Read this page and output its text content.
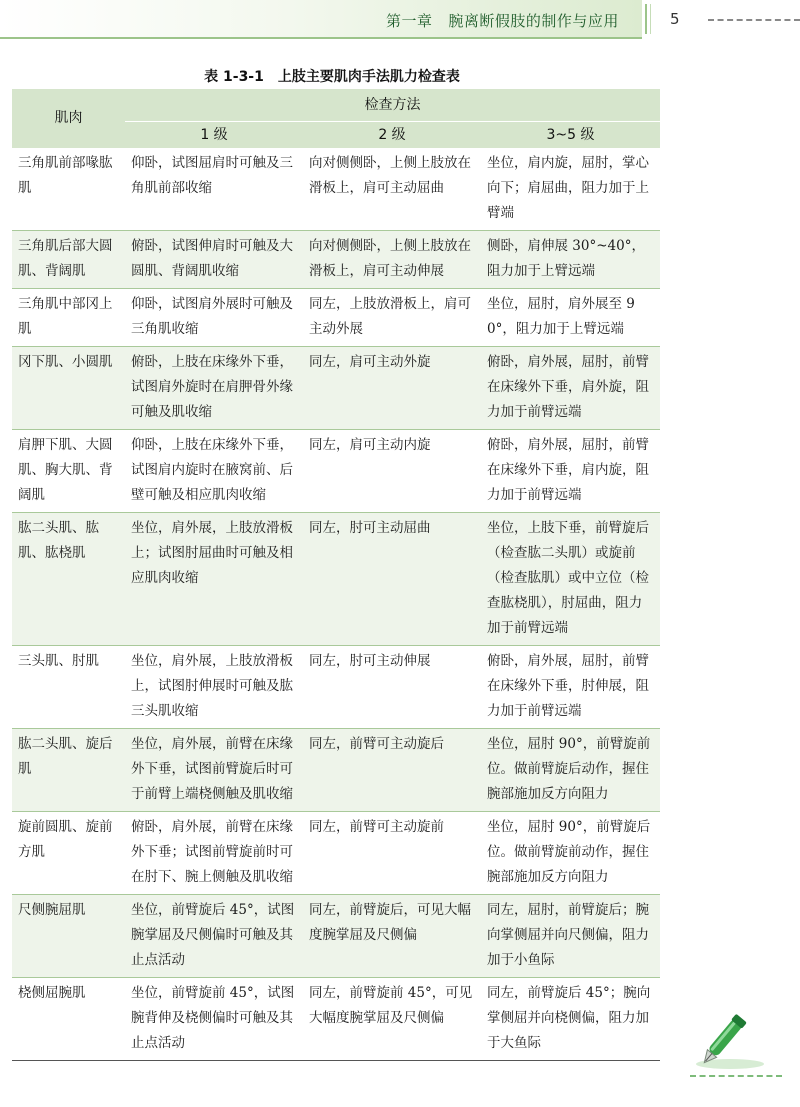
第一章 腕离断假肢的制作与应用	5
表 1-3-1　上肢主要肌肉手法肌力检查表
肌肉	检查方法		
	1 级	2 级	3~5 级
三角肌前部喙肱肌	仰卧，试图屈肩时可触及三角肌前部收缩	向对侧侧卧，上侧上肢放在滑板上，肩可主动屈曲	坐位，肩内旋，屈肘，掌心向下；肩屈曲，阻力加于上臂端
三角肌后部大圆肌、背阔肌	俯卧，试图伸肩时可触及大圆肌、背阔肌收缩	向对侧侧卧，上侧上肢放在滑板上，肩可主动伸展	侧卧，肩伸展 30°~40°，阻力加于上臂远端
三角肌中部冈上肌	仰卧，试图肩外展时可触及三角肌收缩	同左，上肢放滑板上，肩可主动外展	坐位，屈肘，肩外展至 90°，阻力加于上臂远端
冈下肌、小圆肌	俯卧，上肢在床缘外下垂，试图肩外旋时在肩胛骨外缘可触及肌收缩	同左，肩可主动外旋	俯卧，肩外展，屈肘，前臂在床缘外下垂，肩外旋，阻力加于前臂远端
肩胛下肌、大圆肌、胸大肌、背阔肌	仰卧，上肢在床缘外下垂，试图肩内旋时在腋窝前、后壁可触及相应肌肉收缩	同左，肩可主动内旋	俯卧，肩外展，屈肘，前臂在床缘外下垂，肩内旋，阻力加于前臂远端
肱二头肌、肱肌、肱桡肌	坐位，肩外展，上肢放滑板上；试图肘屈曲时可触及相应肌肉收缩	同左，肘可主动屈曲	坐位，上肢下垂，前臂旋后（检查肱二头肌）或旋前（检查肱肌）或中立位（检查肱桡肌），肘屈曲，阻力加于前臂远端
三头肌、肘肌	坐位，肩外展，上肢放滑板上，试图肘伸展时可触及肱三头肌收缩	同左，肘可主动伸展	俯卧，肩外展，屈肘，前臂在床缘外下垂，肘伸展，阻力加于前臂远端
肱二头肌、旋后肌	坐位，肩外展，前臂在床缘外下垂，试图前臂旋后时可于前臂上端桡侧触及肌收缩	同左，前臂可主动旋后	坐位，屈肘 90°，前臂旋前位。做前臂旋后动作，握住腕部施加反方向阻力
旋前圆肌、旋前方肌	俯卧，肩外展，前臂在床缘外下垂；试图前臂旋前时可在肘下、腕上侧触及肌收缩	同左，前臂可主动旋前	坐位，屈肘 90°，前臂旋后位。做前臂旋前动作，握住腕部施加反方向阻力
尺侧腕屈肌	坐位，前臂旋后 45°，试图腕掌屈及尺侧偏时可触及其止点活动	同左，前臂旋后，可见大幅度腕掌屈及尺侧偏	同左，屈肘，前臂旋后；腕向掌侧屈并向尺侧偏，阻力加于小鱼际
桡侧屈腕肌	坐位，前臂旋前 45°，试图腕背伸及桡侧偏时可触及其止点活动	同左，前臂旋前 45°，可见大幅度腕掌屈及尺侧偏	同左，前臂旋后 45°；腕向掌侧屈并向桡侧偏，阻力加于大鱼际
